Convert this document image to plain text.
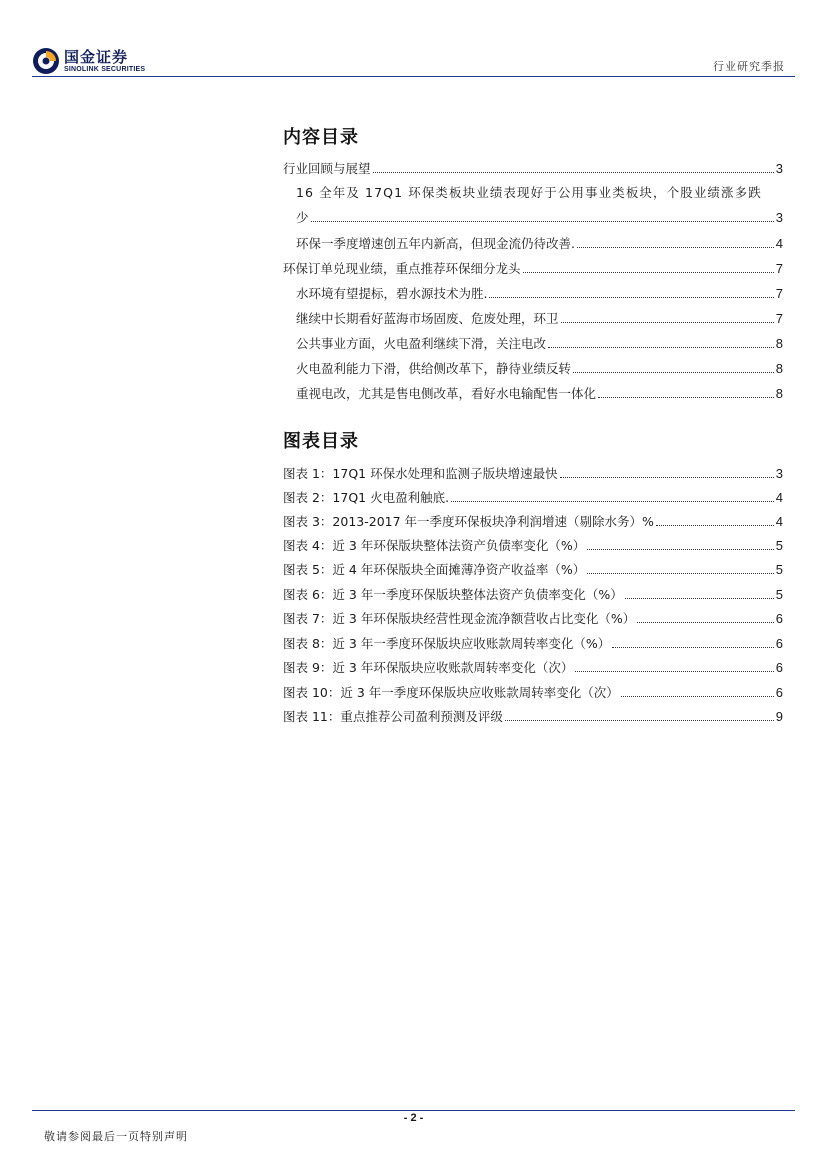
国金证券
SINOLINK SECURITIES	行业研究季报
内容目录
行业回顾与展望	3
16 全年及 17Q1 环保类板块业绩表现好于公用事业类板块，个股业绩涨多跌
少	3
环保一季度增速创五年内新高，但现金流仍待改善.	4
环保订单兑现业绩，重点推荐环保细分龙头	7
水环境有望提标，碧水源技术为胜.	7
继续中长期看好蓝海市场固废、危废处理，环卫	7
公共事业方面，火电盈利继续下滑，关注电改	8
火电盈利能力下滑，供给侧改革下，静待业绩反转	8
重视电改，尤其是售电侧改革，看好水电输配售一体化	8
图表目录
图表 1：17Q1 环保水处理和监测子版块增速最快	3
图表 2：17Q1 火电盈利触底.	4
图表 3：2013-2017 年一季度环保板块净利润增速（剔除水务）%	4
图表 4：近 3 年环保版块整体法资产负债率变化（%）	5
图表 5：近 4 年环保版块全面摊薄净资产收益率（%）	5
图表 6：近 3 年一季度环保版块整体法资产负债率变化（%）	5
图表 7：近 3 年环保版块经营性现金流净额营收占比变化（%）	6
图表 8：近 3 年一季度环保版块应收账款周转率变化（%）	6
图表 9：近 3 年环保版块应收账款周转率变化（次）	6
图表 10：近 3 年一季度环保版块应收账款周转率变化（次）	6
图表 11：重点推荐公司盈利预测及评级	9
- 2 -
敬请参阅最后一页特别声明
